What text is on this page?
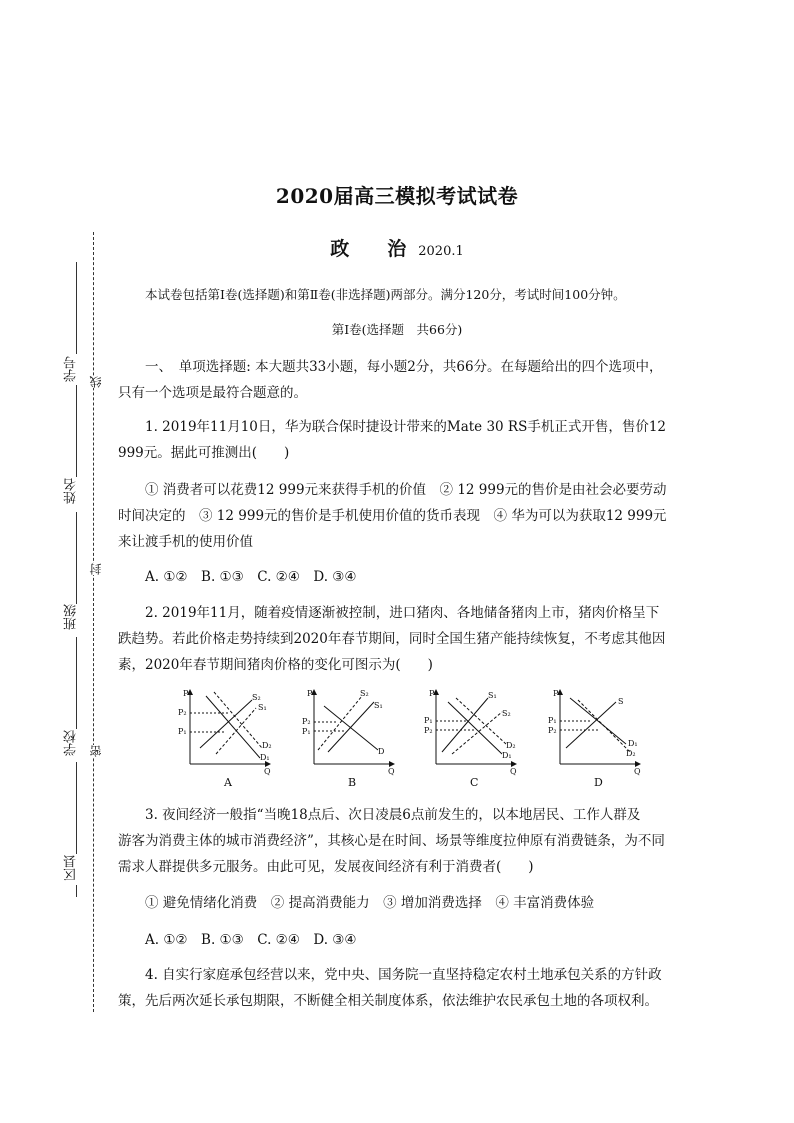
学号
姓名
班级
学校
区县
线
封
密
2020届高三模拟考试试卷
政　　治 2020.1
本试卷包括第Ⅰ卷(选择题)和第Ⅱ卷(非选择题)两部分。满分120分，考试时间100分钟。
第Ⅰ卷(选择题　共66分)
一、　单项选择题: 本大题共33小题，每小题2分，共66分。在每题给出的四个选项中，
只有一个选项是最符合题意的。
1. 2019年11月10日，华为联合保时捷设计带来的Mate 30 RS手机正式开售，售价12
999元。据此可推测出(　　)
① 消费者可以花费12 999元来获得手机的价值　② 12 999元的售价是由社会必要劳动
时间决定的　③ 12 999元的售价是手机使用价值的货币表现　④ 华为可以为获取12 999元
来让渡手机的使用价值
A. ①②　B. ①③　C. ②④　D. ③④
2. 2019年11月，随着疫情逐渐被控制，进口猪肉、各地储备猪肉上市，猪肉价格呈下
跌趋势。若此价格走势持续到2020年春节期间，同时全国生猪产能持续恢复，不考虑其他因
素，2020年春节期间猪肉价格的变化可图示为(　　)
P
Q
P₂
P₁
S₂
S₁
D₂
D₁
A
P
Q
P₂
P₁
S₂
S₁
D
B
P
Q
P₁
P₂
S₁
S₂
D₂
D₁
C
P
Q
P₁
P₂
S
D₁
D₂
D
3. 夜间经济一般指“当晚18点后、次日凌晨6点前发生的，以本地居民、工作人群及
游客为消费主体的城市消费经济”，其核心是在时间、场景等维度拉伸原有消费链条，为不同
需求人群提供多元服务。由此可见，发展夜间经济有利于消费者(　　)
① 避免情绪化消费　② 提高消费能力　③ 增加消费选择　④ 丰富消费体验
A. ①②　B. ①③　C. ②④　D. ③④
4. 自实行家庭承包经营以来，党中央、国务院一直坚持稳定农村土地承包关系的方针政
策，先后两次延长承包期限，不断健全相关制度体系，依法维护农民承包土地的各项权利。
